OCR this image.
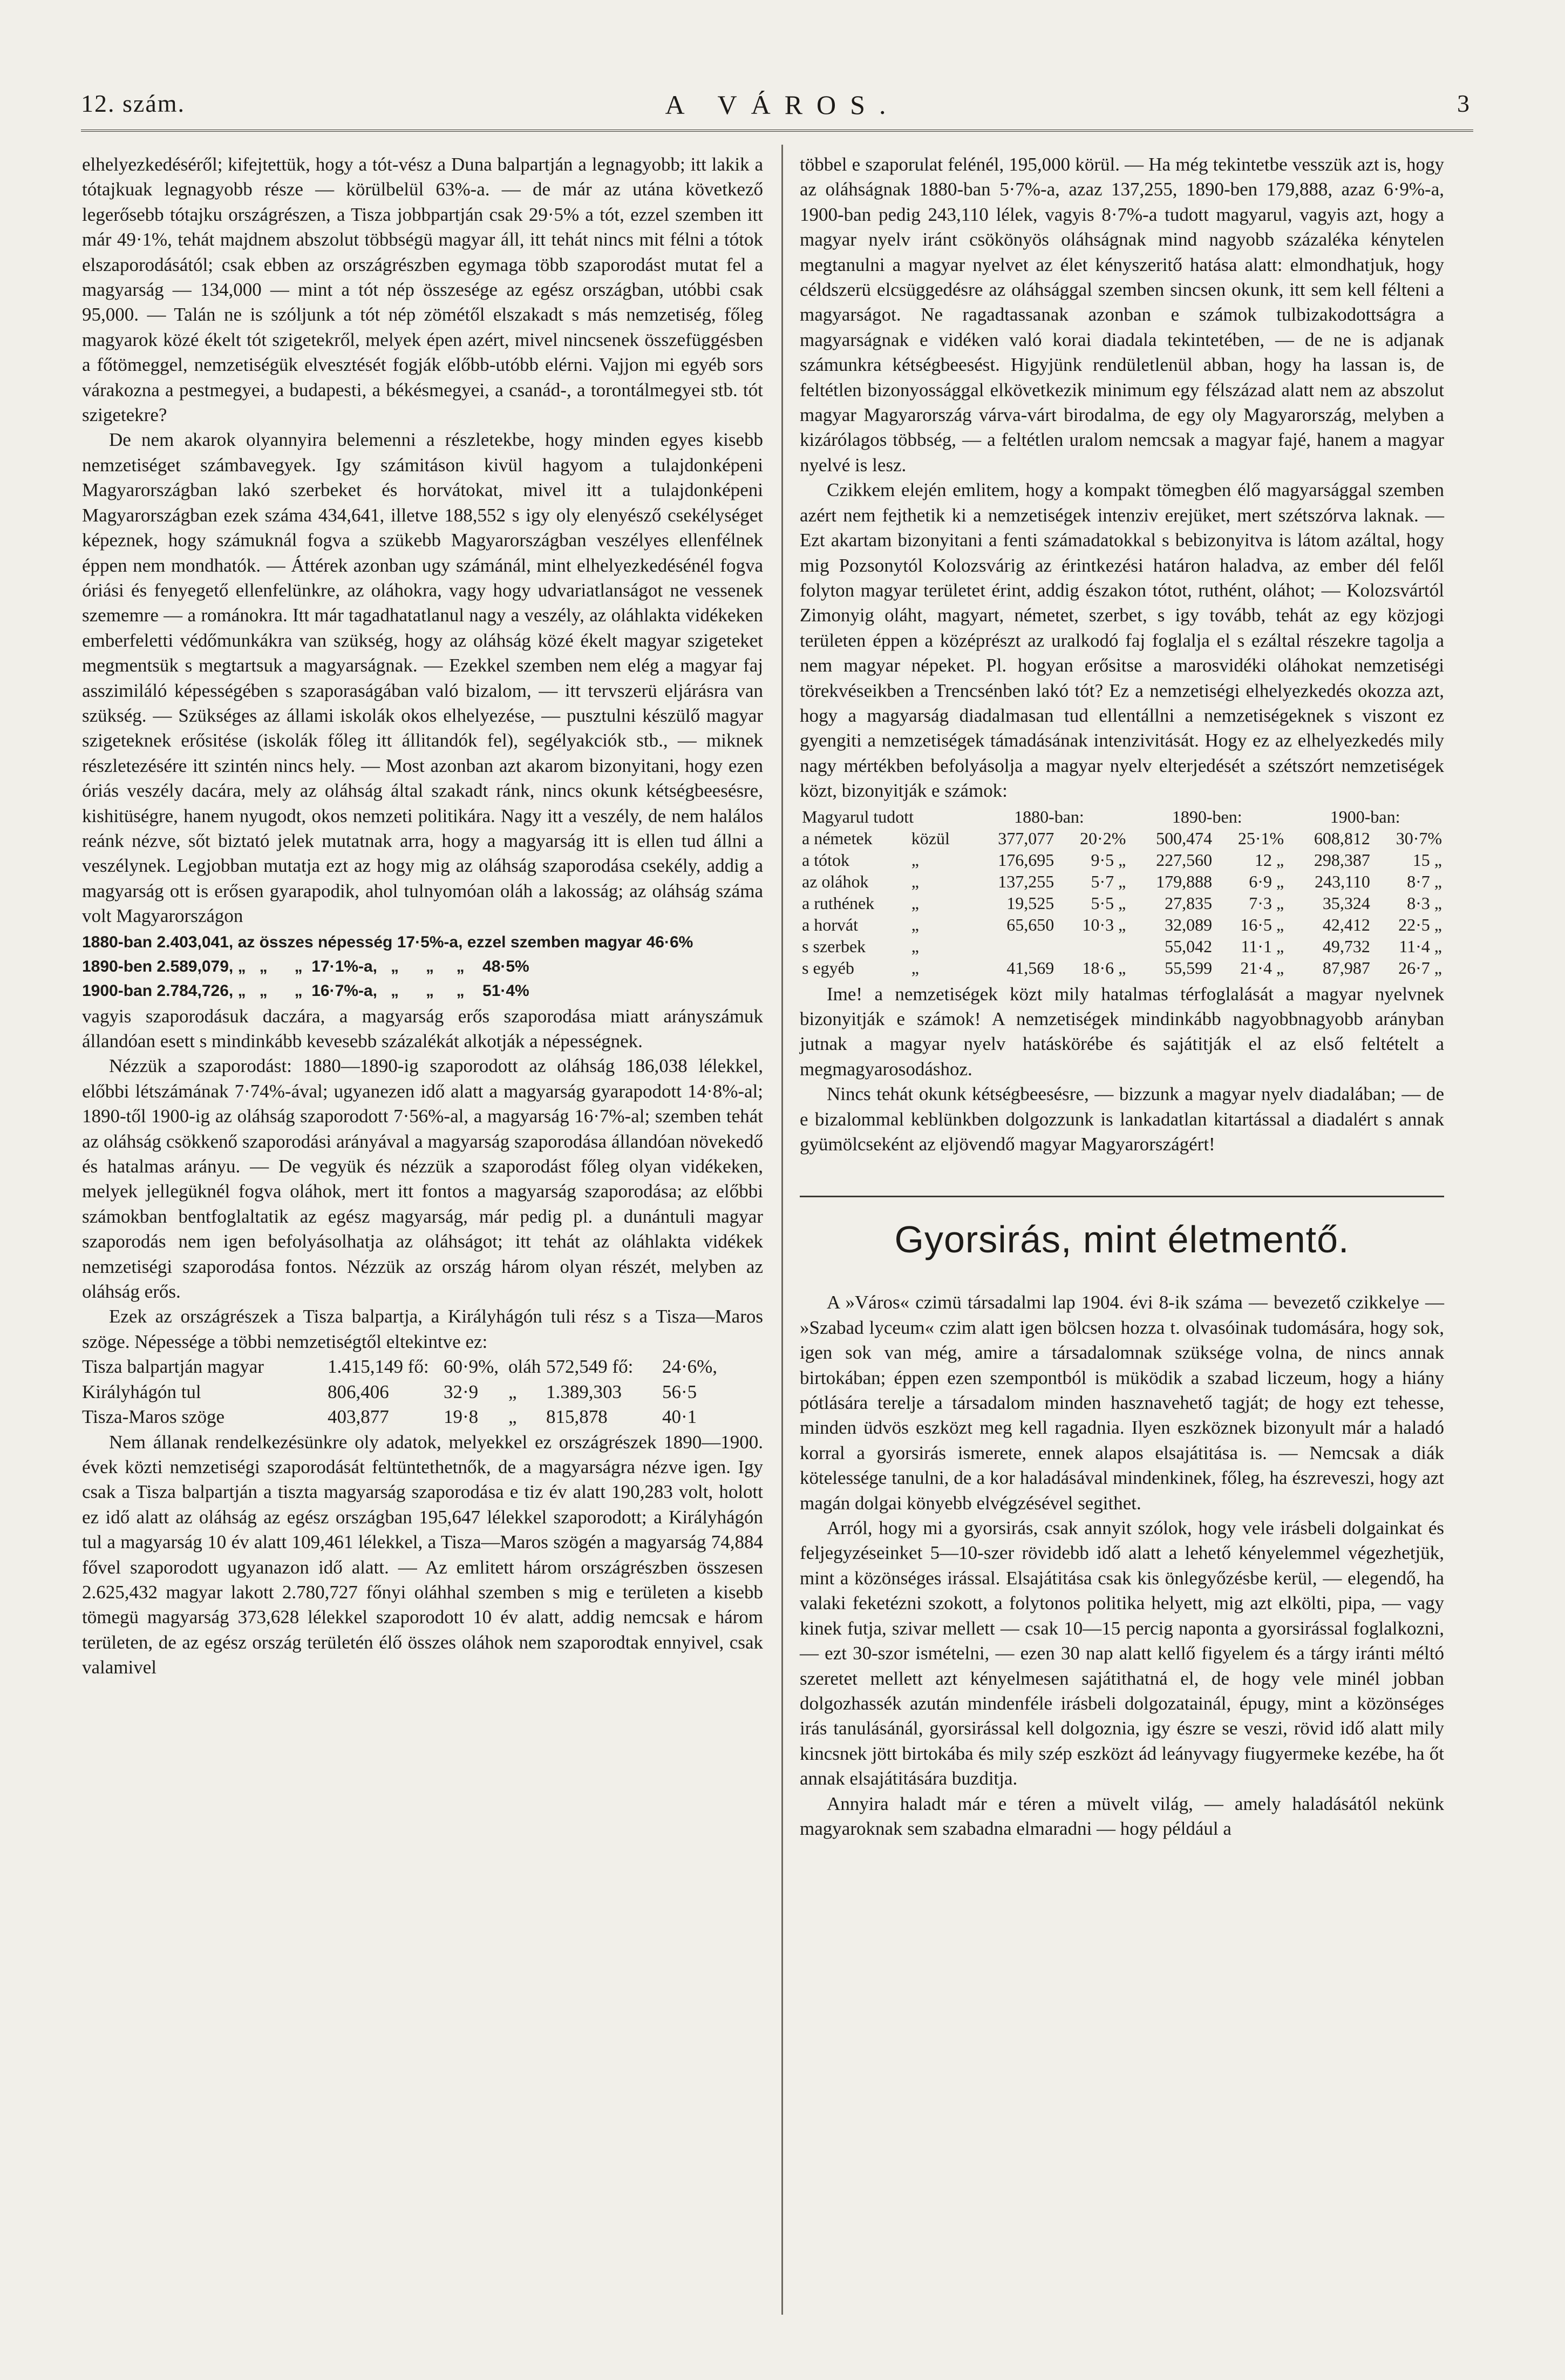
12. szám.	A VÁROS.	3

elhelyezkedéséről; kifejtettük, hogy a tót-vész a Duna balpartján a legnagyobb; itt lakik a tótajkuak legnagyobb része — körülbelül 63%-a. — de már az utána következő legerősebb tótajku országrészen, a Tisza jobbpartján csak 29·5% a tót, ezzel szemben itt már 49·1%, tehát majdnem abszolut többségü magyar áll, itt tehát nincs mit félni a tótok elszaporodásától; csak ebben az országrészben egymaga több szaporodást mutat fel a magyarság — 134,000 — mint a tót nép összesége az egész országban, utóbbi csak 95,000. — Talán ne is szóljunk a tót nép zömétől elszakadt s más nemzetiség, főleg magyarok közé ékelt tót szigetekről, melyek épen azért, mivel nincsenek összefüggésben a főtömeggel, nemzetiségük elvesztését fogják előbb-utóbb elérni. Vajjon mi egyéb sors várakozna a pestmegyei, a budapesti, a békésmegyei, a csanád-, a torontálmegyei stb. tót szigetekre?

De nem akarok olyannyira belemenni a részletekbe, hogy minden egyes kisebb nemzetiséget számbavegyek. Igy számitáson kivül hagyom a tulajdonképeni Magyarországban lakó szerbeket és horvátokat, mivel itt a tulajdonképeni Magyarországban ezek száma 434,641, illetve 188,552 s igy oly elenyésző csekélységet képeznek, hogy számuknál fogva a szükebb Magyarországban veszélyes ellenfélnek éppen nem mondhatók. — Áttérek azonban ugy számánál, mint elhelyezkedésénél fogva óriási és fenyegető ellenfelünkre, az oláhokra, vagy hogy udvariatlanságot ne vessenek szememre — a románokra. Itt már tagadhatatlanul nagy a veszély, az oláhlakta vidékeken emberfeletti védőmunkákra van szükség, hogy az oláhság közé ékelt magyar szigeteket megmentsük s megtartsuk a magyarságnak. — Ezekkel szemben nem elég a magyar faj asszimiláló képességében s szaporaságában való bizalom, — itt tervszerü eljárásra van szükség. — Szükséges az állami iskolák okos elhelyezése, — pusztulni készülő magyar szigeteknek erősitése (iskolák főleg itt állitandók fel), segélyakciók stb., — miknek részletezésére itt szintén nincs hely. — Most azonban azt akarom bizonyitani, hogy ezen óriás veszély dacára, mely az oláhság által szakadt ránk, nincs okunk kétségbeesésre, kishitüségre, hanem nyugodt, okos nemzeti politikára. Nagy itt a veszély, de nem halálos reánk nézve, sőt biztató jelek mutatnak arra, hogy a magyarság itt is ellen tud állni a veszélynek. Legjobban mutatja ezt az hogy mig az oláhság szaporodása csekély, addig a magyarság ott is erősen gyarapodik, ahol tulnyomóan oláh a lakosság; az oláhság száma volt Magyarországon

1880-ban 2.403,041, az összes népesség 17·5%-a, ezzel szemben magyar 46·6%
1890-ben 2.589,079, „   „      „  17·1%-a,   „      „     „    48·5%
1900-ban 2.784,726, „   „      „  16·7%-a,   „      „     „    51·4%

vagyis szaporodásuk daczára, a magyarság erős szaporodása miatt arányszámuk állandóan esett s mindinkább kevesebb százalékát alkotják a népességnek.

Nézzük a szaporodást: 1880—1890-ig szaporodott az oláhság 186,038 lélekkel, előbbi létszámának 7·74%-ával; ugyanezen idő alatt a magyarság gyarapodott 14·8%-al; 1890-től 1900-ig az oláhság szaporodott 7·56%-al, a magyarság 16·7%-al; szemben tehát az oláhság csökkenő szaporodási arányával a magyarság szaporodása állandóan növekedő és hatalmas arányu. — De vegyük és nézzük a szaporodást főleg olyan vidékeken, melyek jellegüknél fogva oláhok, mert itt fontos a magyarság szaporodása; az előbbi számokban bentfoglaltatik az egész magyarság, már pedig pl. a dunántuli magyar szaporodás nem igen befolyásolhatja az oláhságot; itt tehát az oláhlakta vidékek nemzetiségi szaporodása fontos. Nézzük az ország három olyan részét, melyben az oláhság erős.

Ezek az országrészek a Tisza balpartja, a Királyhágón tuli rész s a Tisza—Maros szöge. Népessége a többi nemzetiségtől eltekintve ez:

Tisza balpartján magyar	1.415,149 fő: 60·9%, oláh 572,549 fő:	24·6%,
Királyhágón tul	806,406	32·9	„	1.389,303	56·5
Tisza-Maros szöge	403,877	19·8	„	815,878	40·1

Nem állanak rendelkezésünkre oly adatok, melyekkel ez országrészek 1890—1900. évek közti nemzetiségi szaporodását feltüntethetnők, de a magyarságra nézve igen. Igy csak a Tisza balpartján a tiszta magyarság szaporodása e tiz év alatt 190,283 volt, holott ez idő alatt az oláhság az egész országban 195,647 lélekkel szaporodott; a Királyhágón tul a magyarság 10 év alatt 109,461 lélekkel, a Tisza—Maros szögén a magyarság 74,884 fővel szaporodott ugyanazon idő alatt. — Az emlitett három országrészben összesen 2.625,432 magyar lakott 2.780,727 főnyi oláhhal szemben s mig e területen a kisebb tömegü magyarság 373,628 lélekkel szaporodott 10 év alatt, addig nemcsak e három területen, de az egész ország területén élő összes oláhok nem szaporodtak ennyivel, csak valamivel

többel e szaporulat felénél, 195,000 körül. — Ha még tekintetbe vesszük azt is, hogy az oláhságnak 1880-ban 5·7%-a, azaz 137,255, 1890-ben 179,888, azaz 6·9%-a, 1900-ban pedig 243,110 lélek, vagyis 8·7%-a tudott magyarul, vagyis azt, hogy a magyar nyelv iránt csökönyös oláhságnak mind nagyobb százaléka kénytelen megtanulni a magyar nyelvet az élet kényszeritő hatása alatt: elmondhatjuk, hogy céldszerü elcsüggedésre az oláhsággal szemben sincsen okunk, itt sem kell félteni a magyarságot. Ne ragadtassanak azonban e számok tulbizakodottságra a magyarságnak e vidéken való korai diadala tekintetében, — de ne is adjanak számunkra kétségbeesést. Higyjünk rendületlenül abban, hogy ha lassan is, de feltétlen bizonyossággal elkövetkezik minimum egy félszázad alatt nem az abszolut magyar Magyarország várva-várt birodalma, de egy oly Magyarország, melyben a kizárólagos többség, — a feltétlen uralom nemcsak a magyar fajé, hanem a magyar nyelvé is lesz.

Czikkem elején emlitem, hogy a kompakt tömegben élő magyarsággal szemben azért nem fejthetik ki a nemzetiségek intenziv erejüket, mert szétszórva laknak. — Ezt akartam bizonyitani a fenti számadatokkal s bebizonyitva is látom azáltal, hogy mig Pozsonytól Kolozsvárig az érintkezési határon haladva, az ember dél felől folyton magyar területet érint, addig északon tótot, ruthént, oláhot; — Kolozsvártól Zimonyig oláht, magyart, németet, szerbet, s igy tovább, tehát az egy közjogi területen éppen a középrészt az uralkodó faj foglalja el s ezáltal részekre tagolja a nem magyar népeket. Pl. hogyan erősitse a marosvidéki oláhokat nemzetiségi törekvéseikben a Trencsénben lakó tót? Ez a nemzetiségi elhelyezkedés okozza azt, hogy a magyarság diadalmasan tud ellentállni a nemzetiségeknek s viszont ez gyengiti a nemzetiségek támadásának intenzivitását. Hogy ez az elhelyezkedés mily nagy mértékben befolyásolja a magyar nyelv elterjedését a szétszórt nemzetiségek közt, bizonyitják e számok:

Magyarul tudott		1880-ban:		1890-ben:		1900-ban:	
a németek	közül	377,077	20·2%	500,474	25·1%	608,812	30·7%
a tótok	„	176,695	9·5 „	227,560	12 „	298,387	15 „
az oláhok	„	137,255	5·7 „	179,888	6·9 „	243,110	8·7 „
a ruthének	„	19,525	5·5 „	27,835	7·3 „	35,324	8·3 „
a horvát	„	65,650	10·3 „	32,089	16·5 „	42,412	22·5 „
s szerbek	„			55,042	11·1 „	49,732	11·4 „
s egyéb	„	41,569	18·6 „	55,599	21·4 „	87,987	26·7 „

Ime! a nemzetiségek közt mily hatalmas térfoglalását a magyar nyelvnek bizonyitják e számok! A nemzetiségek mindinkább nagyobbnagyobb arányban jutnak a magyar nyelv hatáskörébe és sajátitják el az első feltételt a megmagyarosodáshoz.

Nincs tehát okunk kétségbeesésre, — bizzunk a magyar nyelv diadalában; — de e bizalommal keblünkben dolgozzunk is lankadatlan kitartással a diadalért s annak gyümölcseként az eljövendő magyar Magyarországért!

Gyorsirás, mint életmentő.

A »Város« czimü társadalmi lap 1904. évi 8-ik száma — bevezető czikkelye — »Szabad lyceum« czim alatt igen bölcsen hozza t. olvasóinak tudomására, hogy sok, igen sok van még, amire a társadalomnak szüksége volna, de nincs annak birtokában; éppen ezen szempontból is müködik a szabad liczeum, hogy a hiány pótlására terelje a társadalom minden hasznavehető tagját; de hogy ezt tehesse, minden üdvös eszközt meg kell ragadnia. Ilyen eszköznek bizonyult már a haladó korral a gyorsirás ismerete, ennek alapos elsajátitása is. — Nemcsak a diák kötelessége tanulni, de a kor haladásával mindenkinek, főleg, ha észreveszi, hogy azt magán dolgai könyebb elvégzésével segithet.

Arról, hogy mi a gyorsirás, csak annyit szólok, hogy vele irásbeli dolgainkat és feljegyzéseinket 5—10-szer rövidebb idő alatt a lehető kényelemmel végezhetjük, mint a közönséges irással. Elsajátitása csak kis önlegyőzésbe kerül, — elegendő, ha valaki feketézni szokott, a folytonos politika helyett, mig azt elkölti, pipa, — vagy kinek futja, szivar mellett — csak 10—15 percig naponta a gyorsirással foglalkozni, — ezt 30-szor ismételni, — ezen 30 nap alatt kellő figyelem és a tárgy iránti méltó szeretet mellett azt kényelmesen sajátithatná el, de hogy vele minél jobban dolgozhassék azután mindenféle irásbeli dolgozatainál, épugy, mint a közönséges irás tanulásánál, gyorsirással kell dolgoznia, igy észre se veszi, rövid idő alatt mily kincsnek jött birtokába és mily szép eszközt ád leányvagy fiugyermeke kezébe, ha őt annak elsajátitására buzditja.

Annyira haladt már e téren a müvelt világ, — amely haladásától nekünk magyaroknak sem szabadna elmaradni — hogy például a
